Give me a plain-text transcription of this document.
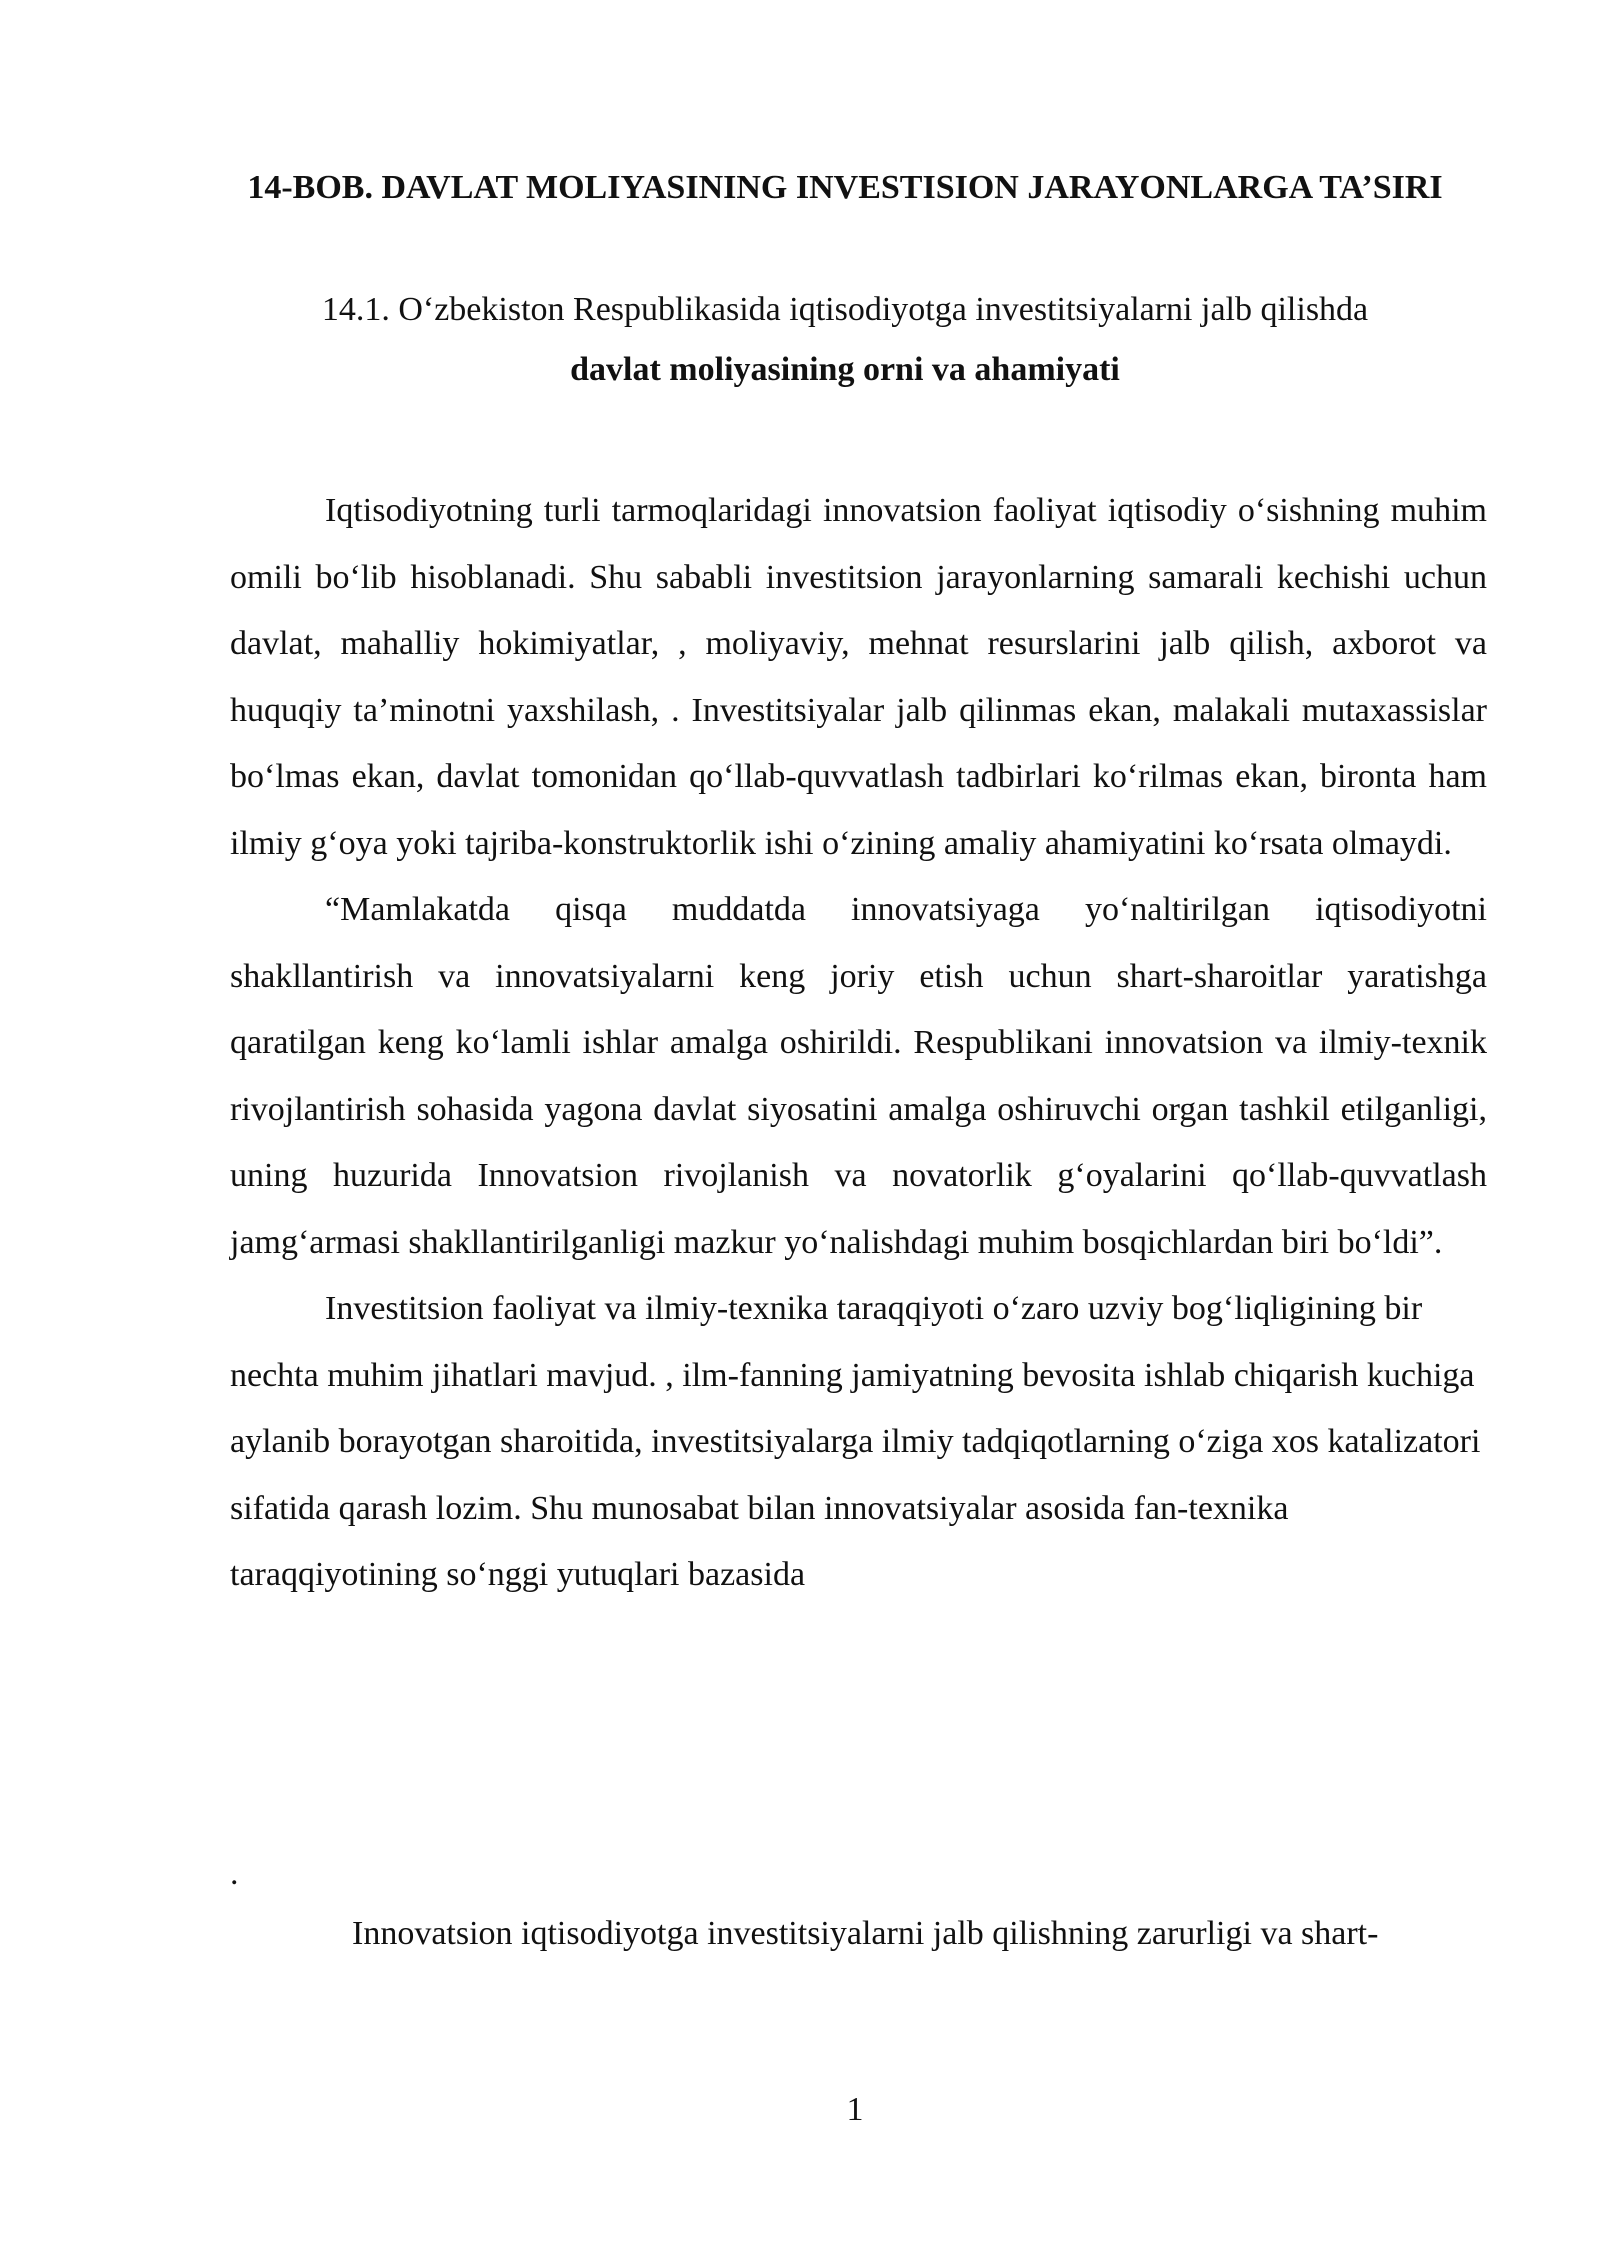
14-BOB. DAVLAT MOLIYASINING INVESTISION JARAYONLARGA TA’SIRI
14.1. O‘zbekiston Respublikasida iqtisodiyotga investitsiyalarni jalb qilishda
davlat moliyasining orni va ahamiyati

Iqtisodiyotning turli tarmoqlaridagi innovatsion faoliyat iqtisodiy o‘sishning muhim omili bo‘lib hisoblanadi. Shu sababli investitsion jarayonlarning samarali kechishi uchun davlat, mahalliy hokimiyatlar, , moliyaviy, mehnat resurslarini jalb qilish, axborot va huquqiy ta’minotni yaxshilash, . Investitsiyalar jalb qilinmas ekan, malakali mutaxassislar bo‘lmas ekan, davlat tomonidan qo‘llab-quvvatlash tadbirlari ko‘rilmas ekan, bironta ham ilmiy g‘oya yoki tajriba-konstruktorlik ishi o‘zining amaliy ahamiyatini ko‘rsata olmaydi.

“Mamlakatda qisqa muddatda innovatsiyaga yo‘naltirilgan iqtisodiyotni shakllantirish va innovatsiyalarni keng joriy etish uchun shart-sharoitlar yaratishga qaratilgan keng ko‘lamli ishlar amalga oshirildi. Respublikani innovatsion va ilmiy-texnik rivojlantirish sohasida yagona davlat siyosatini amalga oshiruvchi organ tashkil etilganligi, uning huzurida Innovatsion rivojlanish va novatorlik g‘oyalarini qo‘llab-quvvatlash jamg‘armasi shakllantirilganligi mazkur yo‘nalishdagi muhim bosqichlardan biri bo‘ldi”.

Investitsion faoliyat va ilmiy-texnika taraqqiyoti o‘zaro uzviy bog‘liqligining bir nechta muhim jihatlari mavjud. , ilm-fanning jamiyatning bevosita ishlab chiqarish kuchiga aylanib borayotgan sharoitida, investitsiyalarga ilmiy tadqiqotlarning o‘ziga xos katalizatori sifatida qarash lozim. Shu munosabat bilan innovatsiyalar asosida fan-texnika taraqqiyotining so‘nggi yutuqlari bazasida

.
Innovatsion iqtisodiyotga investitsiyalarni jalb qilishning zarurligi va shart-
1
